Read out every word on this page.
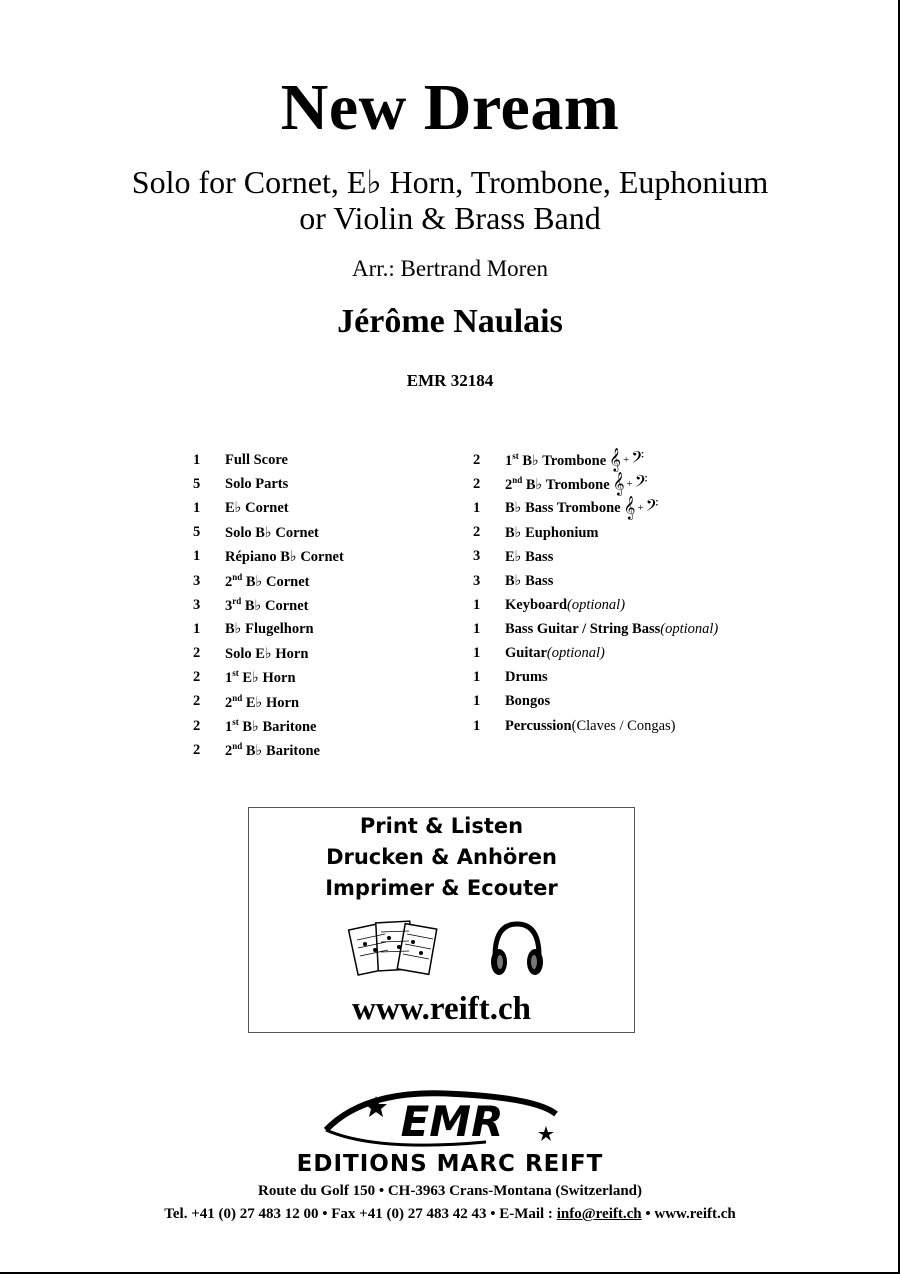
New Dream
Solo for Cornet, E♭ Horn, Trombone, Euphonium
or Violin & Brass Band
Arr.: Bertrand Moren
Jérôme Naulais
EMR 32184
1	Full Score
5	Solo Parts
1	E♭ Cornet
5	Solo B♭ Cornet
1	Répiano B♭ Cornet
3	2nd B♭ Cornet
3	3rd B♭ Cornet
1	B♭ Flugelhorn
2	Solo E♭ Horn
2	1st E♭ Horn
2	2nd E♭ Horn
2	1st B♭ Baritone
2	2nd B♭ Baritone
2	1st B♭ Trombone 𝄞 + 𝄢
2	2nd B♭ Trombone 𝄞 + 𝄢
1	B♭ Bass Trombone 𝄞 + 𝄢
2	B♭ Euphonium
3	E♭ Bass
3	B♭ Bass
1	Keyboard (optional)
1	Bass Guitar / String Bass (optional)
1	Guitar (optional)
1	Drums
1	Bongos
1	Percussion (Claves / Congas)
Print & Listen
Drucken & Anhören
Imprimer & Ecouter
www.reift.ch
EMR
EDITIONS MARC REIFT
Route du Golf 150 • CH-3963 Crans-Montana (Switzerland)
Tel. +41 (0) 27 483 12 00 • Fax +41 (0) 27 483 42 43 • E-Mail : info@reift.ch • www.reift.ch
